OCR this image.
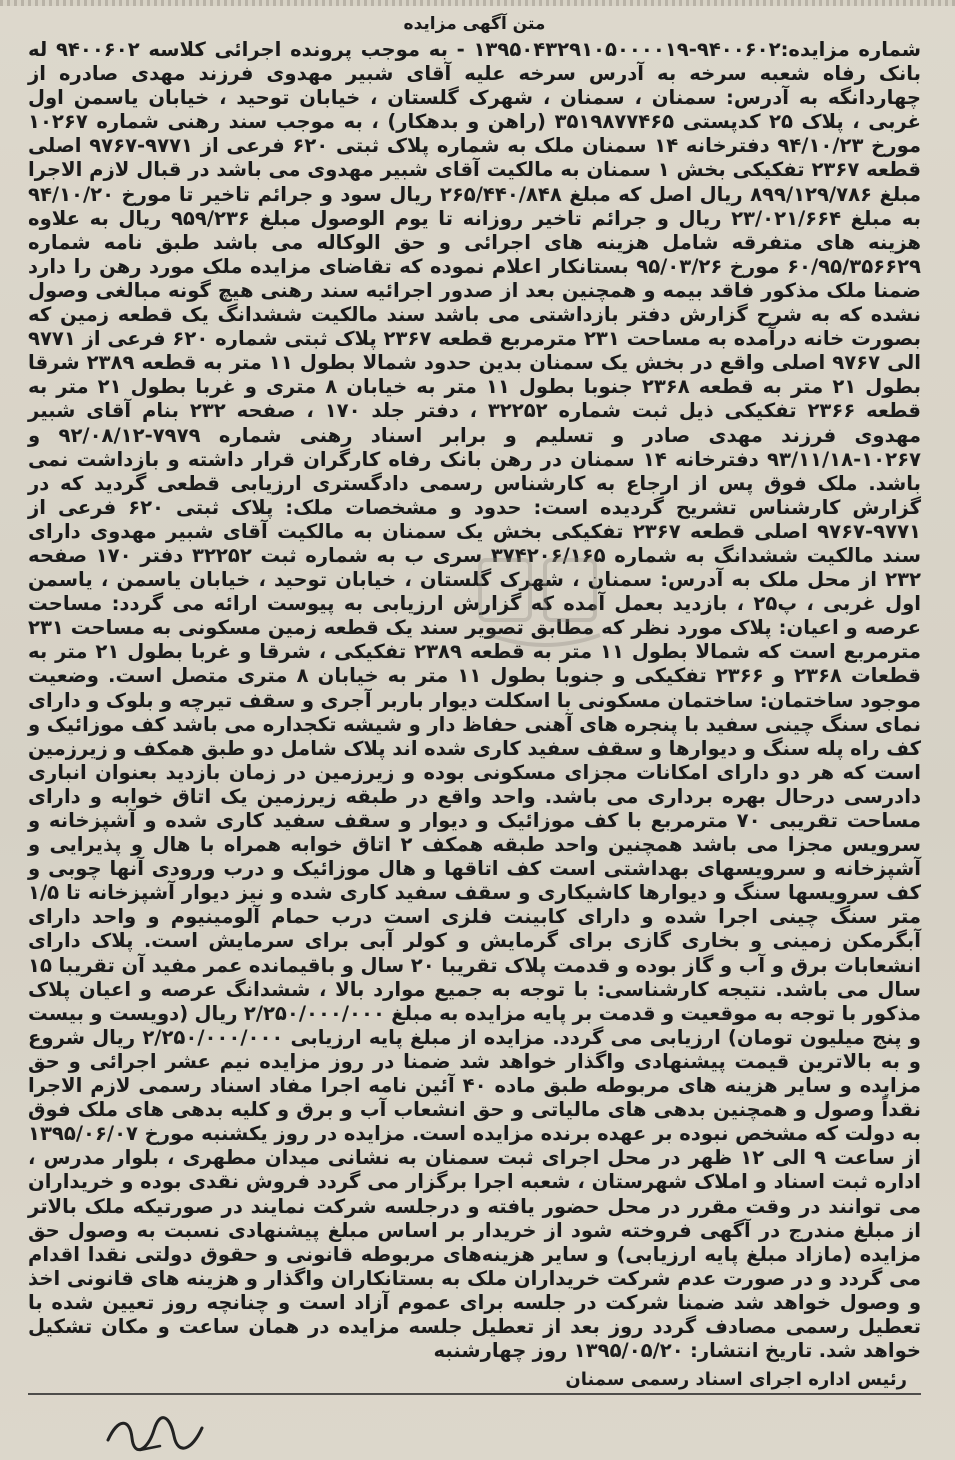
متن آگهی مزایده

شماره مزایده:۹۴۰۰۶۰۲-۱۳۹۵۰۴۳۲۹۱۰۵۰۰۰۰۱۹ - به موجب پرونده اجرائی کلاسه ۹۴۰۰۶۰۲ له بانک رفاه شعبه سرخه به آدرس سرخه علیه آقای شبیر مهدوی فرزند مهدی صادره از چهاردانگه به آدرس: سمنان ، سمنان ، شهرک گلستان ، خیابان توحید ، خیابان یاسمن اول غربی ، پلاک ۲۵ کدپستی ۳۵۱۹۸۷۷۴۶۵ (راهن و بدهکار) ، به موجب سند رهنی شماره ۱۰۲۶۷ مورخ ۹۴/۱۰/۲۳ دفترخانه ۱۴ سمنان ملک به شماره پلاک ثبتی ۶۲۰ فرعی از ۹۷۷۱-۹۷۶۷ اصلی قطعه ۲۳۶۷ تفکیکی بخش ۱ سمنان به مالکیت آقای شبیر مهدوی می باشد در قبال لازم الاجرا مبلغ ۸۹۹/۱۲۹/۷۸۶ ریال اصل که مبلغ ۲۶۵/۴۴۰/۸۴۸ ریال سود و جرائم تاخیر تا مورخ ۹۴/۱۰/۲۰ به مبلغ ۲۳/۰۲۱/۶۶۴ ریال و جرائم تاخیر روزانه تا یوم الوصول مبلغ ۹۵۹/۲۳۶ ریال به علاوه هزینه های متفرقه شامل هزینه های اجرائی و حق الوکاله می باشد طبق نامه شماره ۶۰/۹۵/۳۵۶۶۲۹ مورخ ۹۵/۰۳/۲۶ بستانکار اعلام نموده که تقاضای مزایده ملک مورد رهن را دارد ضمنا ملک مذکور فاقد بیمه و همچنین بعد از صدور اجرائیه سند رهنی هیچ گونه مبالغی وصول نشده که به شرح گزارش دفتر بازداشتی می باشد سند مالکیت ششدانگ یک قطعه زمین که بصورت خانه درآمده به مساحت ۲۳۱ مترمربع قطعه ۲۳۶۷ پلاک ثبتی شماره ۶۲۰ فرعی از ۹۷۷۱ الی ۹۷۶۷ اصلی واقع در بخش یک سمنان بدین حدود شمالا بطول ۱۱ متر به قطعه ۲۳۸۹ شرقا بطول ۲۱ متر به قطعه ۲۳۶۸ جنوبا بطول ۱۱ متر به خیابان ۸ متری و غربا بطول ۲۱ متر به قطعه ۲۳۶۶ تفکیکی ذیل ثبت شماره ۳۲۲۵۲ ، دفتر جلد ۱۷۰ ، صفحه ۲۳۲ بنام آقای شبیر مهدوی فرزند مهدی صادر و تسلیم و برابر اسناد رهنی شماره ۷۹۷۹-۹۲/۰۸/۱۲ و ۱۰۲۶۷-۹۳/۱۱/۱۸ دفترخانه ۱۴ سمنان در رهن بانک رفاه کارگران قرار داشته و بازداشت نمی باشد. ملک فوق پس از ارجاع به کارشناس رسمی دادگستری ارزیابی قطعی گردید که در گزارش کارشناس تشریح گردیده است: حدود و مشخصات ملک: پلاک ثبتی ۶۲۰ فرعی از ۹۷۷۱-۹۷۶۷ اصلی قطعه ۲۳۶۷ تفکیکی بخش یک سمنان به مالکیت آقای شبیر مهدوی دارای سند مالکیت ششدانگ به شماره ۳۷۴۲۰۶/۱۶۵ سری ب به شماره ثبت ۳۲۲۵۲ دفتر ۱۷۰ صفحه ۲۳۲ از محل ملک به آدرس: سمنان ، شهرک گلستان ، خیابان توحید ، خیابان یاسمن ، یاسمن اول غربی ، پ۲۵ ، بازدید بعمل آمده که گزارش ارزیابی به پیوست ارائه می گردد: مساحت عرصه و اعیان: پلاک مورد نظر که مطابق تصویر سند یک قطعه زمین مسکونی به مساحت ۲۳۱ مترمربع است که شمالا بطول ۱۱ متر به قطعه ۲۳۸۹ تفکیکی ، شرقا و غربا بطول ۲۱ متر به قطعات ۲۳۶۸ و ۲۳۶۶ تفکیکی و جنوبا بطول ۱۱ متر به خیابان ۸ متری متصل است. وضعیت موجود ساختمان: ساختمان مسکونی با اسکلت دیوار باربر آجری و سقف تیرچه و بلوک و دارای نمای سنگ چینی سفید با پنجره های آهنی حفاظ دار و شیشه تکجداره می باشد کف موزائیک و کف راه پله سنگ و دیوارها و سقف سفید کاری شده اند پلاک شامل دو طبق همکف و زیرزمین است که هر دو دارای امکانات مجزای مسکونی بوده و زیرزمین در زمان بازدید بعنوان انباری دادرسی درحال بهره برداری می باشد. واحد واقع در طبقه زیرزمین یک اتاق خوابه و دارای مساحت تقریبی ۷۰ مترمربع با کف موزائیک و دیوار و سقف سفید کاری شده و آشپزخانه و سرویس مجزا می باشد همچنین واحد طبقه همکف ۲ اتاق خوابه همراه با هال و پذیرایی و آشپزخانه و سرویسهای بهداشتی است کف اتاقها و هال موزائیک و درب ورودی آنها چوبی و کف سرویسها سنگ و دیوارها کاشیکاری و سقف سفید کاری شده و نیز دیوار آشپزخانه تا ۱/۵ متر سنگ چینی اجرا شده و دارای کابینت فلزی است درب حمام آلومینیوم و واحد دارای آبگرمکن زمینی و بخاری گازی برای گرمایش و کولر آبی برای سرمایش است. پلاک دارای انشعابات برق و آب و گاز بوده و قدمت پلاک تقریبا ۲۰ سال و باقیمانده عمر مفید آن تقریبا ۱۵ سال می باشد. نتیجه کارشناسی: با توجه به جمیع موارد بالا ، ششدانگ عرصه و اعیان پلاک مذکور با توجه به موقعیت و قدمت بر پایه مزایده به مبلغ ۲/۲۵۰/۰۰۰/۰۰۰ ریال (دویست و بیست و پنج میلیون تومان) ارزیابی می گردد. مزایده از مبلغ پایه ارزیابی ۲/۲۵۰/۰۰۰/۰۰۰ ریال شروع و به بالاترین قیمت پیشنهادی واگذار خواهد شد ضمنا در روز مزایده نیم عشر اجرائی و حق مزایده و سایر هزینه های مربوطه طبق ماده ۴۰ آئین نامه اجرا مفاد اسناد رسمی لازم الاجرا نقداً وصول و همچنین بدهی های مالیاتی و حق انشعاب آب و برق و کلیه بدهی های ملک فوق به دولت که مشخص نبوده بر عهده برنده مزایده است. مزایده در روز یکشنبه مورخ ۱۳۹۵/۰۶/۰۷ از ساعت ۹ الی ۱۲ ظهر در محل اجرای ثبت سمنان به نشانی میدان مطهری ، بلوار مدرس ، اداره ثبت اسناد و املاک شهرستان ، شعبه اجرا برگزار می گردد فروش نقدی بوده و خریداران می توانند در وقت مقرر در محل حضور یافته و درجلسه شرکت نمایند در صورتیکه ملک بالاتر از مبلغ مندرج در آگهی فروخته شود از خریدار بر اساس مبلغ پیشنهادی نسبت به وصول حق مزایده (مازاد مبلغ پایه ارزیابی) و سایر هزینه‌های مربوطه قانونی و حقوق دولتی نقدا اقدام می گردد و در صورت عدم شرکت خریداران ملک به بستانکاران واگذار و هزینه های قانونی اخذ و وصول خواهد شد ضمنا شرکت در جلسه برای عموم آزاد است و چنانچه روز تعیین شده با تعطیل رسمی مصادف گردد روز بعد از تعطیل جلسه مزایده در همان ساعت و مکان تشکیل خواهد شد. تاریخ انتشار: ۱۳۹۵/۰۵/۲۰ روز چهارشنبه

رئیس اداره اجرای اسناد رسمی سمنان
